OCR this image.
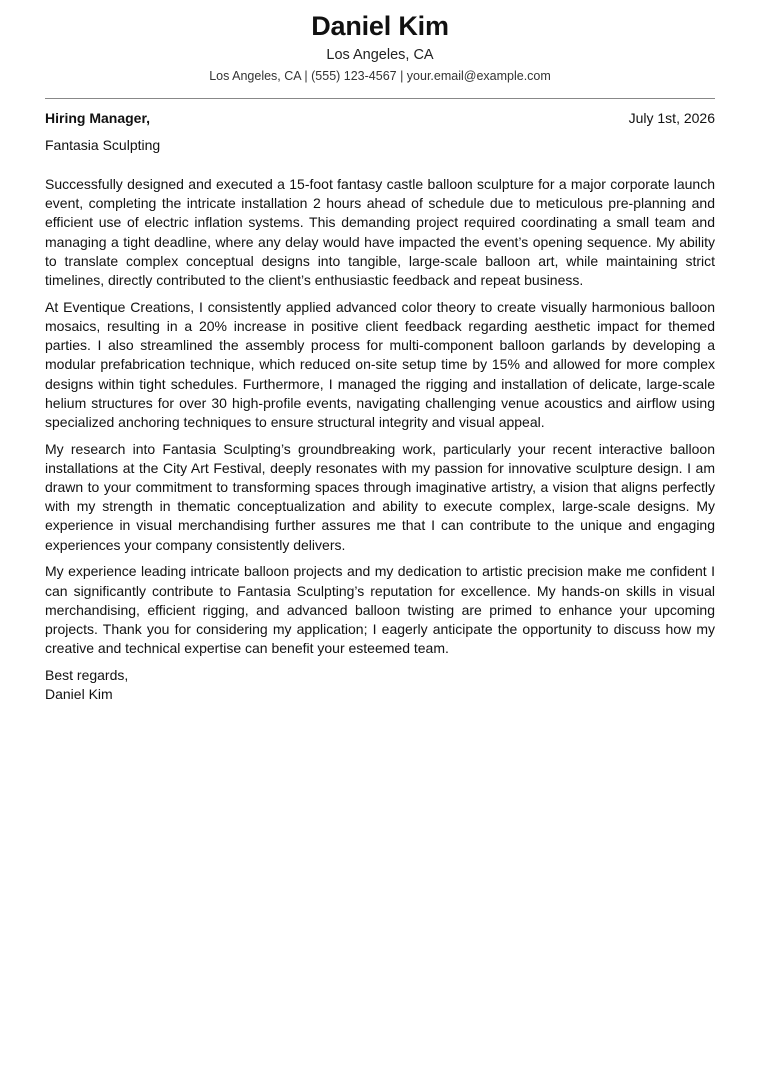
Daniel Kim
Los Angeles, CA
Los Angeles, CA | (555) 123-4567 | your.email@example.com
Hiring Manager,	July 1st, 2026
Fantasia Sculpting

Successfully designed and executed a 15-foot fantasy castle balloon sculpture for a major corporate launch event, completing the intricate installation 2 hours ahead of schedule due to meticulous pre-planning and efficient use of electric inflation systems. This demanding project required coordinating a small team and managing a tight deadline, where any delay would have impacted the event’s opening sequence. My ability to translate complex conceptual designs into tangible, large-scale balloon art, while maintaining strict timelines, directly contributed to the client’s enthusiastic feedback and repeat business.

At Eventique Creations, I consistently applied advanced color theory to create visually harmonious balloon mosaics, resulting in a 20% increase in positive client feedback regarding aesthetic impact for themed parties. I also streamlined the assembly process for multi-component balloon garlands by developing a modular prefabrication technique, which reduced on-site setup time by 15% and allowed for more complex designs within tight schedules. Furthermore, I managed the rigging and installation of delicate, large-scale helium structures for over 30 high-profile events, navigating challenging venue acoustics and airflow using specialized anchoring techniques to ensure structural integrity and visual appeal.

My research into Fantasia Sculpting’s groundbreaking work, particularly your recent interactive balloon installations at the City Art Festival, deeply resonates with my passion for innovative sculpture design. I am drawn to your commitment to transforming spaces through imaginative artistry, a vision that aligns perfectly with my strength in thematic conceptualization and ability to execute complex, large-scale designs. My experience in visual merchandising further assures me that I can contribute to the unique and engaging experiences your company consistently delivers.

My experience leading intricate balloon projects and my dedication to artistic precision make me confident I can significantly contribute to Fantasia Sculpting’s reputation for excellence. My hands-on skills in visual merchandising, efficient rigging, and advanced balloon twisting are primed to enhance your upcoming projects. Thank you for considering my application; I eagerly anticipate the opportunity to discuss how my creative and technical expertise can benefit your esteemed team.

Best regards,
Daniel Kim
